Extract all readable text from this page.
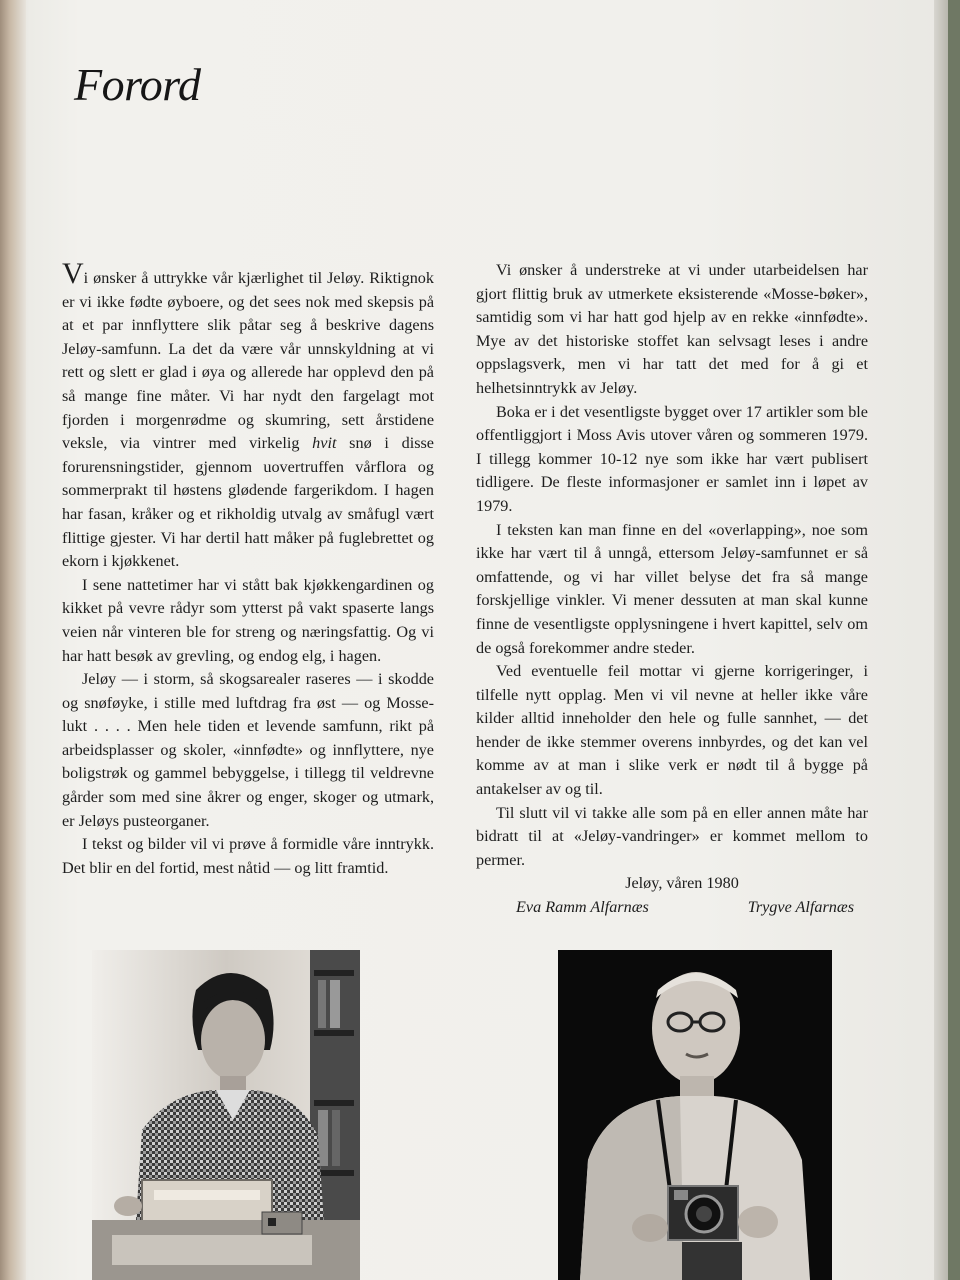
Forord

Vi ønsker å uttrykke vår kjærlighet til Jeløy. Riktignok er vi ikke fødte øyboere, og det sees nok med skepsis på at et par innflyttere slik påtar seg å beskrive dagens Jeløy-samfunn. La det da være vår unnskyldning at vi rett og slett er glad i øya og allerede har opplevd den på så mange fine måter. Vi har nydt den fargelagt mot fjorden i morgenrødme og skumring, sett årstidene veksle, via vintrer med virkelig hvit snø i disse forurensningstider, gjennom uovertruffen vårflora og sommerprakt til høstens glødende fargerikdom. I hagen har fasan, kråker og et rikholdig utvalg av småfugl vært flittige gjester. Vi har dertil hatt måker på fuglebrettet og ekorn i kjøkkenet.

I sene nattetimer har vi stått bak kjøkkengardinen og kikket på vevre rådyr som ytterst på vakt spaserte langs veien når vinteren ble for streng og næringsfattig. Og vi har hatt besøk av grevling, og endog elg, i hagen.

Jeløy — i storm, så skogsarealer raseres — i skodde og snøføyke, i stille med luftdrag fra øst — og Mosse-lukt . . . . Men hele tiden et levende samfunn, rikt på arbeidsplasser og skoler, «innfødte» og innflyttere, nye boligstrøk og gammel bebyggelse, i tillegg til veldrevne gårder som med sine åkrer og enger, skoger og utmark, er Jeløys pusteorganer.

I tekst og bilder vil vi prøve å formidle våre inntrykk. Det blir en del fortid, mest nåtid — og litt framtid.

Vi ønsker å understreke at vi under utarbeidelsen har gjort flittig bruk av utmerkete eksisterende «Mosse-bøker», samtidig som vi har hatt god hjelp av en rekke «innfødte». Mye av det historiske stoffet kan selvsagt leses i andre oppslagsverk, men vi har tatt det med for å gi et helhetsinntrykk av Jeløy.

Boka er i det vesentligste bygget over 17 artikler som ble offentliggjort i Moss Avis utover våren og sommeren 1979. I tillegg kommer 10-12 nye som ikke har vært publisert tidligere. De fleste informasjoner er samlet inn i løpet av 1979.

I teksten kan man finne en del «overlapping», noe som ikke har vært til å unngå, ettersom Jeløy-samfunnet er så omfattende, og vi har villet belyse det fra så mange forskjellige vinkler. Vi mener dessuten at man skal kunne finne de vesentligste opplysningene i hvert kapittel, selv om de også forekommer andre steder.

Ved eventuelle feil mottar vi gjerne korrigeringer, i tilfelle nytt opplag. Men vi vil nevne at heller ikke våre kilder alltid inneholder den hele og fulle sannhet, — det hender de ikke stemmer overens innbyrdes, og det kan vel komme av at man i slike verk er nødt til å bygge på antakelser av og til.

Til slutt vil vi takke alle som på en eller annen måte har bidratt til at «Jeløy-vandringer» er kommet mellom to permer.

Jeløy, våren 1980

Eva Ramm Alfarnæs	Trygve Alfarnæs
